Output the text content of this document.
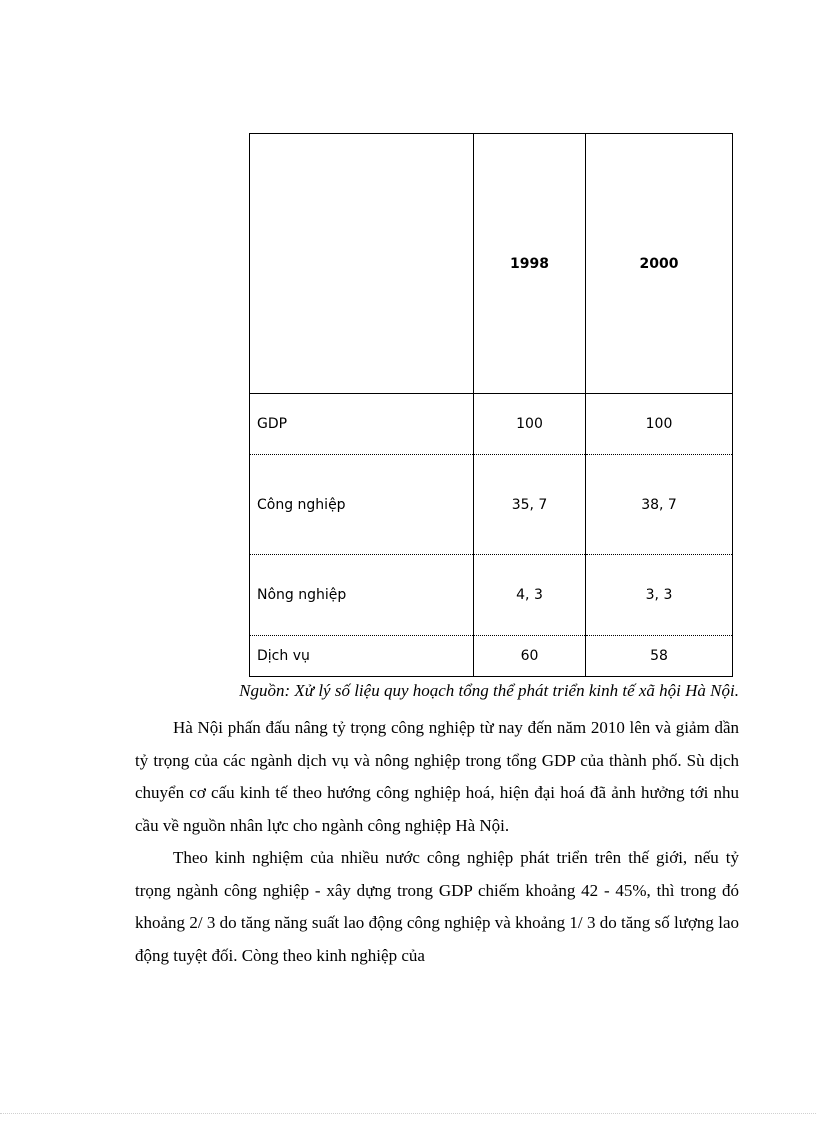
	1998	2000
GDP	100	100
Công nghiệp	35, 7	38, 7
Nông nghiệp	4, 3	3, 3
Dịch vụ	60	58
Nguồn: Xử lý số liệu quy hoạch tổng thể phát triển kinh tế xã hội Hà Nội.

Hà Nội phấn đấu nâng tỷ trọng công nghiệp từ nay đến năm 2010 lên và giảm dần tỷ trọng của các ngành dịch vụ và nông nghiệp trong tổng GDP của thành phố. Sù dịch chuyển cơ cấu kinh tế theo hướng công nghiệp hoá, hiện đại hoá đã ảnh hưởng tới nhu cầu về nguồn nhân lực cho ngành công nghiệp Hà Nội.

Theo kinh nghiệm của nhiều nước công nghiệp phát triển trên thế giới, nếu tỷ trọng ngành công nghiệp - xây dựng trong GDP chiếm khoảng 42 - 45%, thì trong đó khoảng 2/ 3 do tăng năng suất lao động công nghiệp và khoảng 1/ 3 do tăng số lượng lao động tuyệt đối. Còng theo kinh nghiệp của
